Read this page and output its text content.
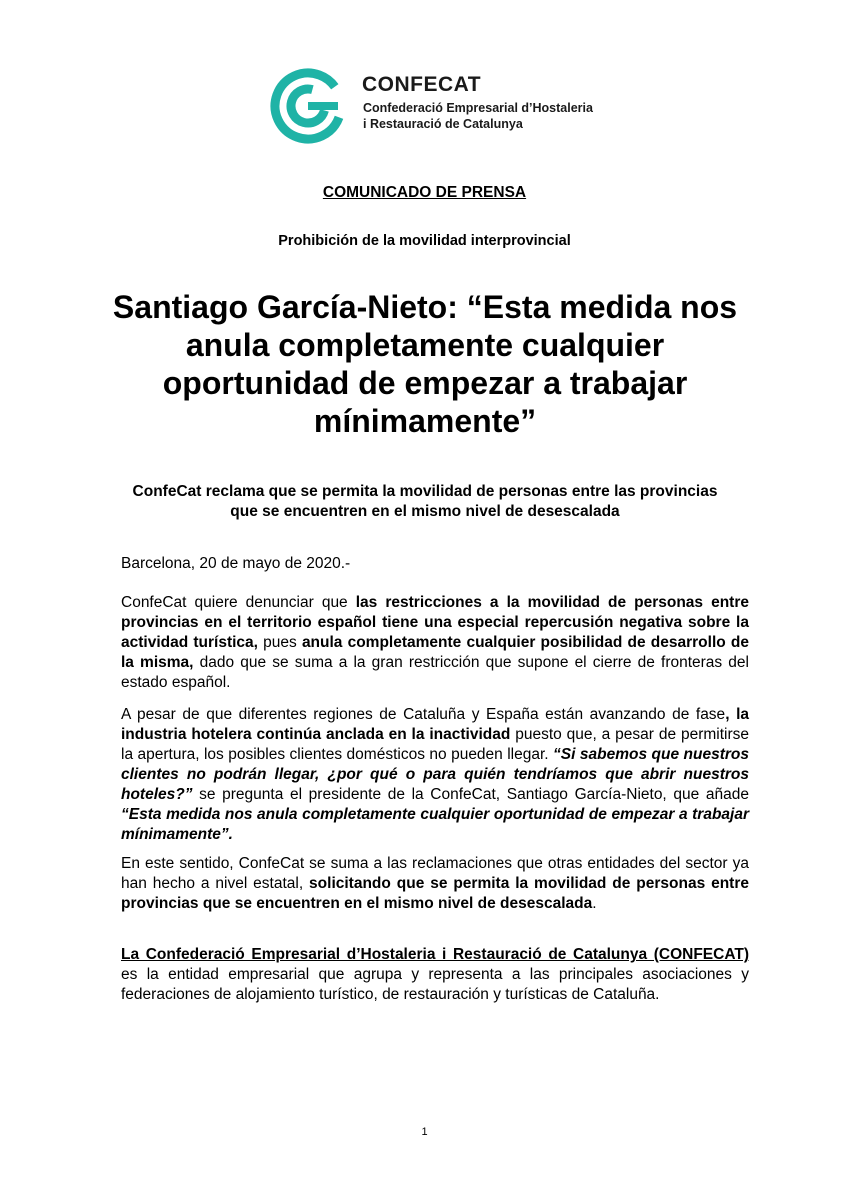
CONFECAT
Confederació Empresarial d’Hostaleria
i Restauració de Catalunya
COMUNICADO DE PRENSA
Prohibición de la movilidad interprovincial
Santiago García-Nieto: “Esta medida nos anula completamente cualquier oportunidad de empezar a trabajar mínimamente”
ConfeCat reclama que se permita la movilidad de personas entre las provincias que se encuentren en el mismo nivel de desescalada
Barcelona, 20 de mayo de 2020.-
ConfeCat quiere denunciar que las restricciones a la movilidad de personas entre provincias en el territorio español tiene una especial repercusión negativa sobre la actividad turística, pues anula completamente cualquier posibilidad de desarrollo de la misma, dado que se suma a la gran restricción que supone el cierre de fronteras del estado español.
A pesar de que diferentes regiones de Cataluña y España están avanzando de fase, la industria hotelera continúa anclada en la inactividad puesto que, a pesar de permitirse la apertura, los posibles clientes domésticos no pueden llegar. “Si sabemos que nuestros clientes no podrán llegar, ¿por qué o para quién tendríamos que abrir nuestros hoteles?” se pregunta el presidente de la ConfeCat, Santiago García-Nieto, que añade “Esta medida nos anula completamente cualquier oportunidad de empezar a trabajar mínimamente”.
En este sentido, ConfeCat se suma a las reclamaciones que otras entidades del sector ya han hecho a nivel estatal, solicitando que se permita la movilidad de personas entre provincias que se encuentren en el mismo nivel de desescalada.
La Confederació Empresarial d’Hostaleria i Restauració de Catalunya (CONFECAT) es la entidad empresarial que agrupa y representa a las principales asociaciones y federaciones de alojamiento turístico, de restauración y turísticas de Cataluña.
1
